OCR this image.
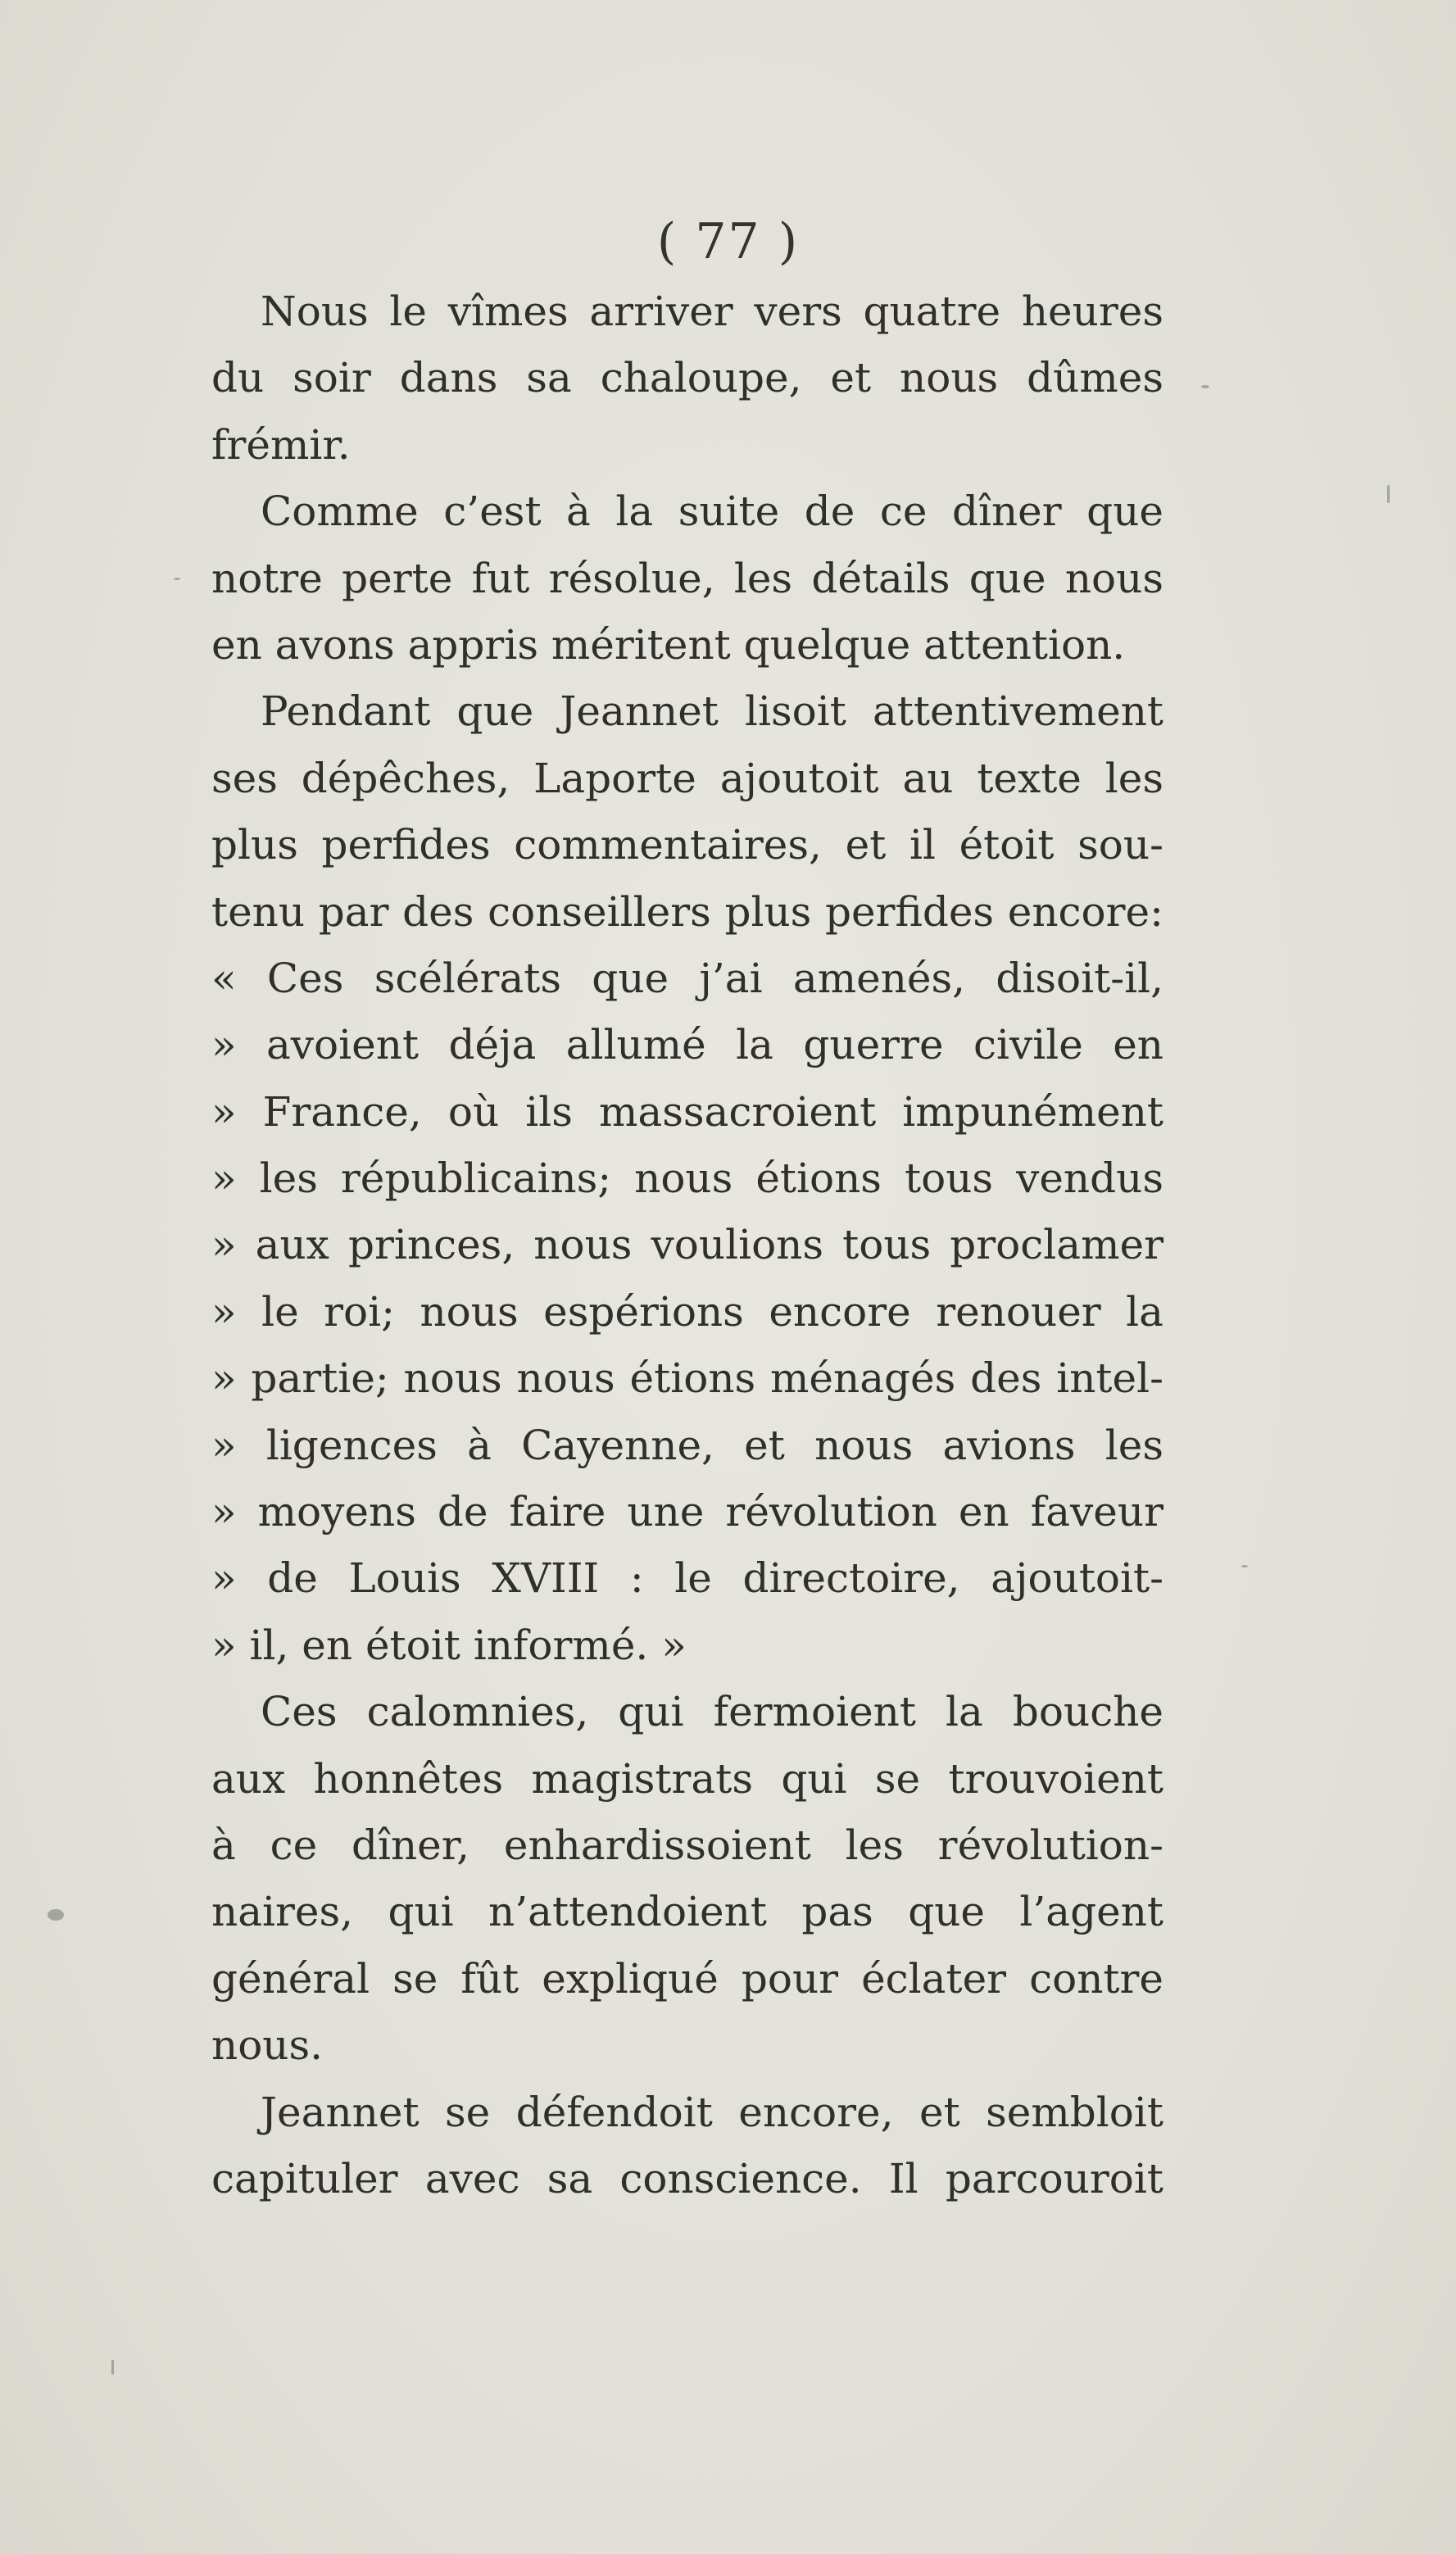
( 77 )
Nous le vîmes arriver vers quatre heures
du soir dans sa chaloupe, et nous dûmes
frémir.
Comme c’est à la suite de ce dîner que
notre perte fut résolue, les détails que nous
en avons appris méritent quelque attention.
Pendant que Jeannet lisoit attentivement
ses dépêches, Laporte ajoutoit au texte les
plus perfides commentaires, et il étoit sou-
tenu par des conseillers plus perfides encore:
« Ces scélérats que j’ai amenés, disoit-il,
» avoient déja allumé la guerre civile en
» France, où ils massacroient impunément
» les républicains; nous étions tous vendus
» aux princes, nous voulions tous proclamer
» le roi; nous espérions encore renouer la
» partie; nous nous étions ménagés des intel-
» ligences à Cayenne, et nous avions les
» moyens de faire une révolution en faveur
» de Louis XVIII : le directoire, ajoutoit-
» il, en étoit informé. »
Ces calomnies, qui fermoient la bouche
aux honnêtes magistrats qui se trouvoient
à ce dîner, enhardissoient les révolution-
naires, qui n’attendoient pas que l’agent
général se fût expliqué pour éclater contre
nous.
Jeannet se défendoit encore, et sembloit
capituler avec sa conscience. Il parcouroit
